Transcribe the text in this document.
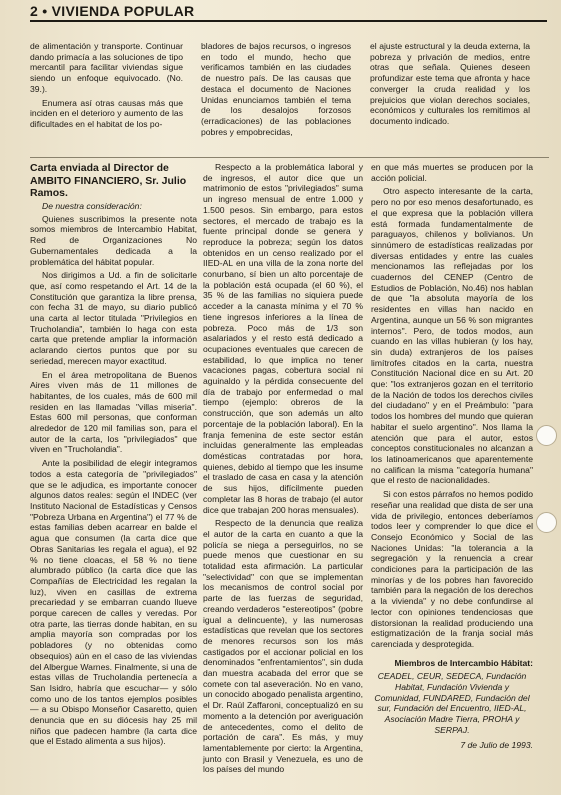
2 • VIVIENDA POPULAR

de alimentación y transporte. Continuar dando primacía a las soluciones de tipo mercantil para facilitar viviendas sigue siendo un enfoque equivocado. (No. 39.).

Enumera así otras causas más que inciden en el deterioro y aumento de las dificultades en el habitat de los po-

bladores de bajos recursos, o ingresos en todo el mundo, hecho que verificamos también en las ciudades de nuestro país. De las causas que destaca el documento de Naciones Unidas enunciamos también el tema de los desalojos forzosos (erradicaciones) de las poblaciones pobres y empobrecidas,

el ajuste estructural y la deuda externa, la pobreza y privación de medios, entre otras que señala. Quienes deseen profundizar este tema que afronta y hace converger la cruda realidad y los prejuicios que violan derechos sociales, económicos y culturales los remitimos al documento indicado.

Carta enviada al Director de AMBITO FINANCIERO, Sr. Julio Ramos.

De nuestra consideración:

Quienes suscribimos la presente nota somos miembros de Intercambio Habitat, Red de Organizaciones No Gubernamentales dedicada a la problemática del hábitat popular.

Nos dirigimos a Ud. a fin de solicitarle que, así como respetando el Art. 14 de la Constitución que garantiza la libre prensa, con fecha 31 de mayo, su diario publicó una carta al lector titulada "Privilegios en Trucholandia", también lo haga con esta carta que pretende ampliar la información aclarando ciertos puntos que por su seriedad, merecen mayor exactitud.

En el área metropolitana de Buenos Aires viven más de 11 millones de habitantes, de los cuales, más de 600 mil residen en las llamadas "villas miseria". Estas 600 mil personas, que conforman alrededor de 120 mil familias son, para el autor de la carta, los "privilegiados" que viven en "Trucholandia".

Ante la posibilidad de elegir integramos todos a esta categoría de "privilegiados" que se le adjudica, es importante conocer algunos datos reales: según el INDEC (ver Instituto Nacional de Estadísticas y Censos "Pobreza Urbana en Argentina") el 77 % de estas familias deben acarrear en balde el agua que consumen (la carta dice que Obras Sanitarias les regala el agua), el 92 % no tiene cloacas, el 58 % no tiene alumbrado público (la carta dice que las Compañías de Electricidad les regalan la luz), viven en casillas de extrema precariedad y se embarran cuando llueve porque carecen de calles y veredas. Por otra parte, las tierras donde habitan, en su amplia mayoría son compradas por los pobladores (y no obtenidas como obsequios) aún en el caso de las viviendas del Albergue Warnes. Finalmente, si una de estas villas de Trucholandia pertenecía a San Isidro, habría que escuchar— y sólo como uno de los tantos ejemplos posibles— a su Obispo Monseñor Casaretto, quien denuncia que en su diócesis hay 25 mil niños que padecen hambre (la carta dice que el Estado alimenta a sus hijos).

Respecto a la problemática laboral y de ingresos, el autor dice que un matrimonio de estos "privilegiados" suma un ingreso mensual de entre 1.000 y 1.500 pesos. Sin embargo, para estos sectores, el mercado de trabajo es la fuente principal donde se genera y reproduce la pobreza; según los datos obtenidos en un censo realizado por el IIED-AL en una villa de la zona norte del conurbano, sí bien un alto porcentaje de la población está ocupada (el 60 %), el 35 % de las familias no siquiera puede acceder a la canasta mínima y el 70 % tiene ingresos inferiores a la línea de pobreza. Poco más de 1/3 son asalariados y el resto está dedicado a ocupaciones eventuales que carecen de estabilidad, lo que implica no tener vacaciones pagas, cobertura social ni aguinaldo y la pérdida consecuente del día de trabajo por enfermedad o mal tiempo (ejemplo: obreros de la construcción, que son además un alto porcentaje de la población laboral). En la franja femenina de este sector están incluidas generalmente las empleadas domésticas contratadas por hora, quienes, debido al tiempo que les insume el traslado de casa en casa y la atención de sus hijos, difícilmente pueden completar las 8 horas de trabajo (el autor dice que trabajan 200 horas mensuales).

Respecto de la denuncia que realiza el autor de la carta en cuanto a que la policía se niega a perseguirlos, no se puede menos que cuestionar en su totalidad esta afirmación. La particular "selectividad" con que se implementan los mecanismos de control social por parte de las fuerzas de seguridad, creando verdaderos "estereotipos" (pobre igual a delincuente), y las numerosas estadísticas que revelan que los sectores de menores recursos son los más castigados por el accionar policial en los denominados "enfrentamientos", sin duda dan muestra acabada del error que se comete con tal aseveración. No en vano, un conocido abogado penalista argentino, el Dr. Raúl Zaffaroni, conceptualizó en su momento a la detención por averiguación de antecedentes, como el delito de portación de cara". Es más, y muy lamentablemente por cierto: la Argentina, junto con Brasil y Venezuela, es uno de los países del mundo

en que más muertes se producen por la acción policial.

Otro aspecto interesante de la carta, pero no por eso menos desafortunado, es el que expresa que la población villera está formada fundamentalmente de paraguayos, chilenos y bolivianos. Un sinnúmero de estadísticas realizadas por diversas entidades y entre las cuales mencionamos las reflejadas por los cuadernos del CENEP (Centro de Estudios de Población, No.46) nos hablan de que "la absoluta mayoría de los residentes en villas han nacido en Argentina, aunque un 56 % son migrantes internos". Pero, de todos modos, aun cuando en las villas hubieran (y los hay, sin duda) extranjeros de los países limítrofes citados en la carta, nuestra Constitución Nacional dice en su Art. 20 que: "los extranjeros gozan en el territorio de la Nación de todos los derechos civiles del ciudadano" y en el Preámbulo: "para todos los hombres del mundo que quieran habitar el suelo argentino". Nos llama la atención que para el autor, estos conceptos constitucionales no alcanzan a los latinoamericanos que aparentemente no califican la misma "categoría humana" que el resto de nacionalidades.

Si con estos párrafos no hemos podido reseñar una realidad que dista de ser una vida de privilegio, entonces deberíamos todos leer y comprender lo que dice el Consejo Económico y Social de las Naciones Unidas: "la tolerancia a la segregación y la renuencia a crear condiciones para la participación de las minorías y de los pobres han favorecido también para la negación de los derechos a la vivienda" y no debe confundirse al lector con opiniones tendenciosas que distorsionan la realidad produciendo una estigmatización de la franja social más carenciada y desprotegida.

Miembros de Intercambio Hábitat:

CEADEL, CEUR, SEDECA, Fundación Habitat, Fundación Vivienda y Comunidad, FUNDARED, Fundación del sur, Fundación del Encuentro, IIED-AL, Asociación Madre Tierra, PROHA y SERPAJ.

7 de Julio de 1993.
